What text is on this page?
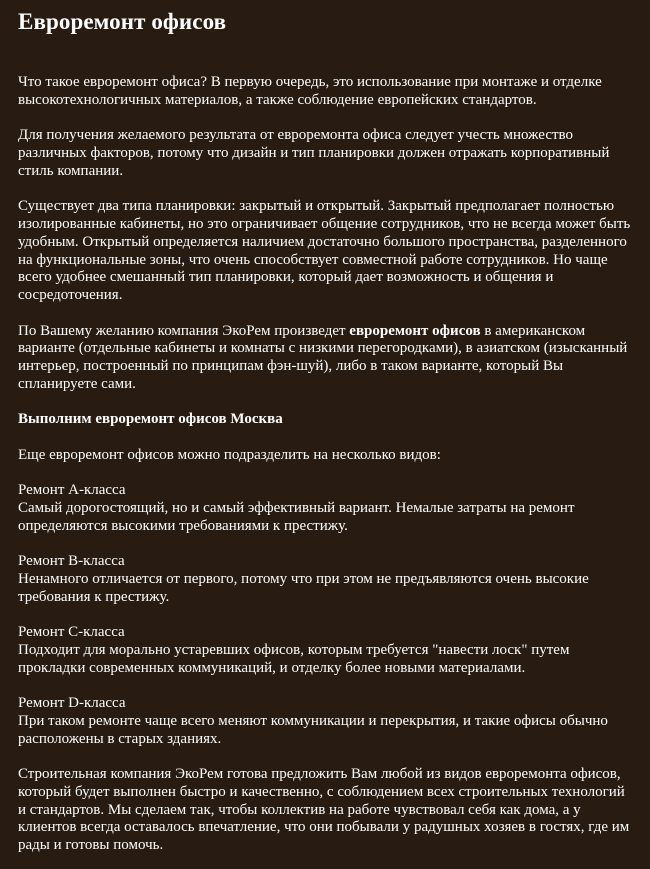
Евроремонт офисов

Что такое евроремонт офиса? В первую очередь, это использование при монтаже и отделке высокотехнологичных материалов, а также соблюдение европейских стандартов.

Для получения желаемого результата от евроремонта офиса следует учесть множество различных факторов, потому что дизайн и тип планировки должен отражать корпоративный стиль компании.

Существует два типа планировки: закрытый и открытый. Закрытый предполагает полностью изолированные кабинеты, но это ограничивает общение сотрудников, что не всегда может быть удобным. Открытый определяется наличием достаточно большого пространства, разделенного на функциональные зоны, что очень способствует совместной работе сотрудников. Но чаще всего удобнее смешанный тип планировки, который дает возможность и общения и сосредоточения.

По Вашему желанию компания ЭкоРем произведет евроремонт офисов в американском варианте (отдельные кабинеты и комнаты с низкими перегородками), в азиатском (изысканный интерьер, построенный по принципам фэн-шуй), либо в таком варианте, который Вы спланируете сами.

Выполним евроремонт офисов Москва

Еще евроремонт офисов можно подразделить на несколько видов:

Ремонт А-класса
Самый дорогостоящий, но и самый эффективный вариант. Немалые затраты на ремонт определяются высокими требованиями к престижу.

Ремонт В-класса
Ненамного отличается от первого, потому что при этом не предъявляются очень высокие требования к престижу.

Ремонт С-класса
Подходит для морально устаревших офисов, которым требуется "навести лоск" путем прокладки современных коммуникаций, и отделку более новыми материалами.

Ремонт D-класса
При таком ремонте чаще всего меняют коммуникации и перекрытия, и такие офисы обычно расположены в старых зданиях.

Строительная компания ЭкоРем готова предложить Вам любой из видов евроремонта офисов, который будет выполнен быстро и качественно, с соблюдением всех строительных технологий и стандартов. Мы сделаем так, чтобы коллектив на работе чувствовал себя как дома, а у клиентов всегда оставалось впечатление, что они побывали у радушных хозяев в гостях, где им рады и готовы помочь.
